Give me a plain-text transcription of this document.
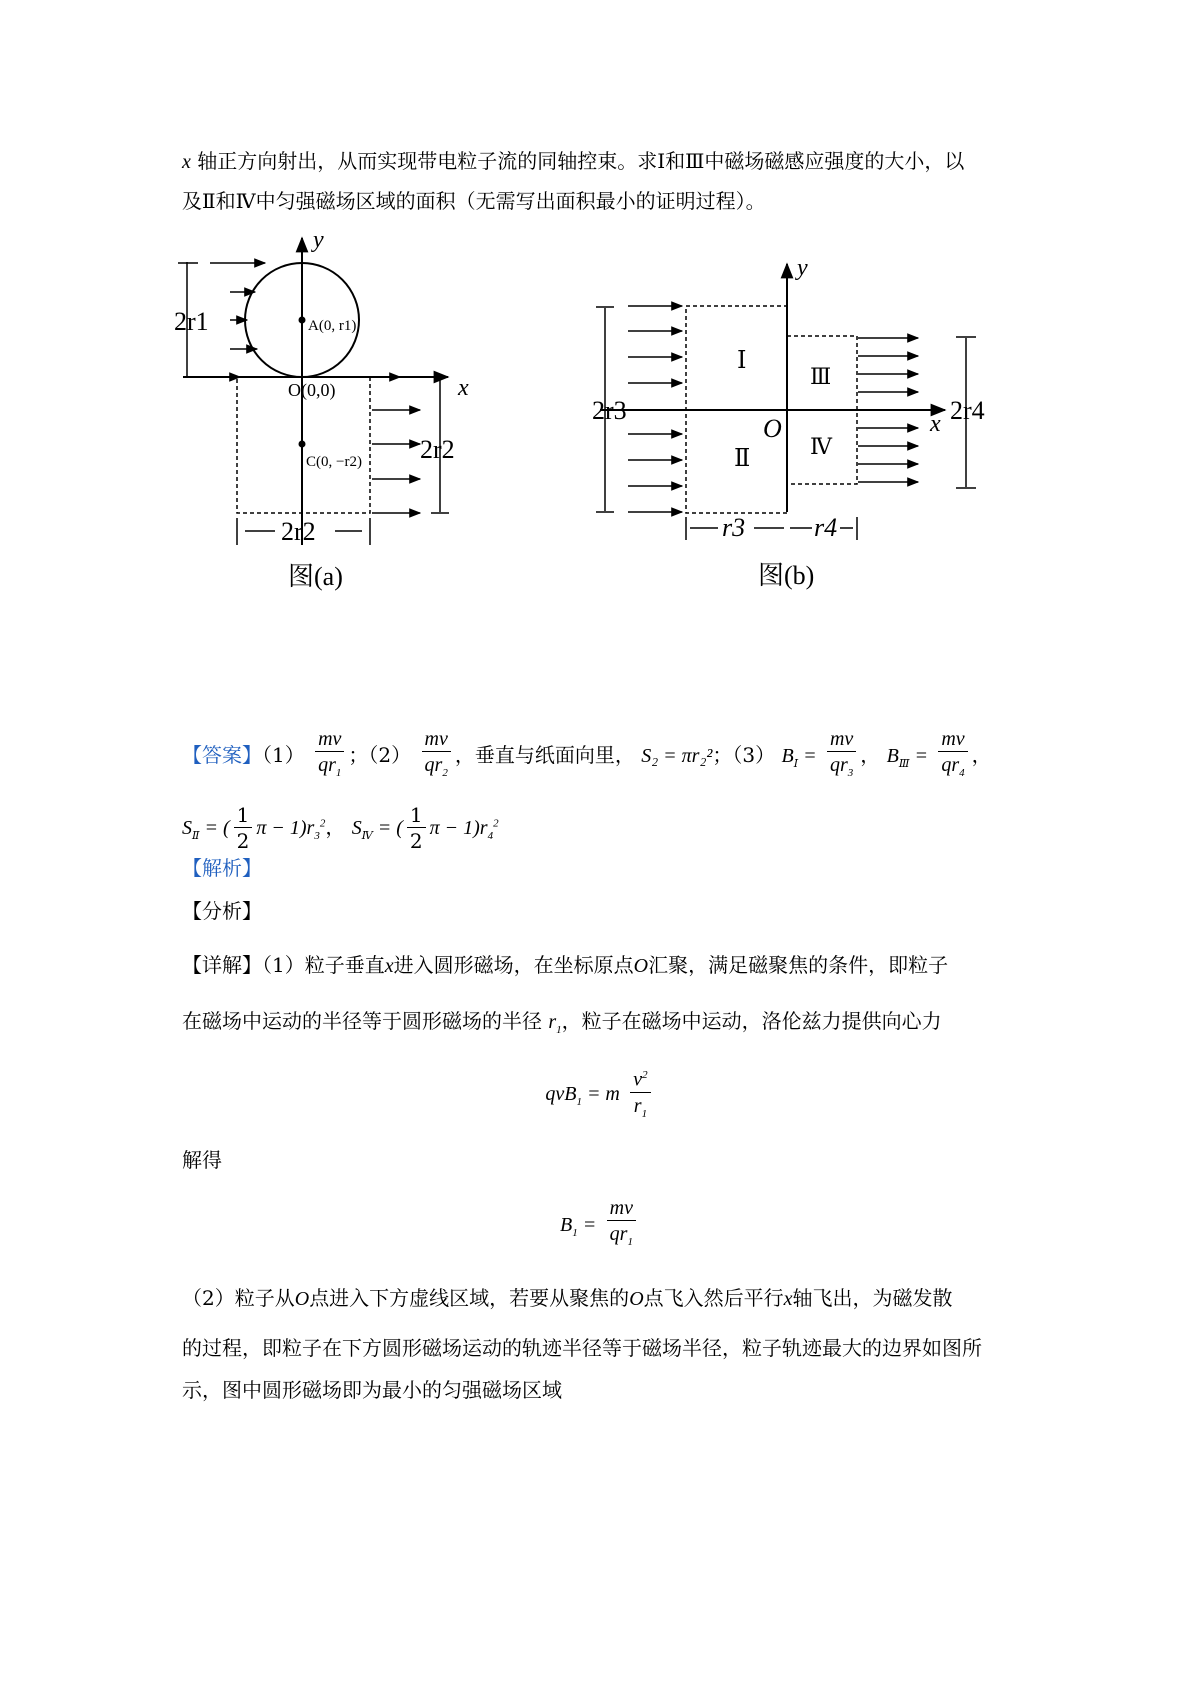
x 轴正方向射出，从而实现带电粒子流的同轴控束。求Ⅰ和Ⅲ中磁场磁感应强度的大小，以
及Ⅱ和Ⅳ中匀强磁场区域的面积（无需写出面积最小的证明过程）。
y
x
2r1
2r2
2r2
A(0, r1)
O(0,0)
C(0, −r2)
图(a)
y
x
2r3	2r4
r3	r4
Ⅰ
Ⅱ
Ⅲ
Ⅳ
O
图(b)
【答案】$(1) \frac{mv}{qr_1}$ ；$(2) \frac{mv}{qr_2}$ ，垂直与纸面向里， S₂ = πr₂²；（3） $B_Ⅰ = \frac{mv}{qr_3}$ ， $B_Ⅲ = \frac{mv}{qr_4}$ ，
$S_Ⅱ$ = ( $\frac{1}{2}$ $\pi - 1)r_3^2$， $S_Ⅳ$ = ( $\frac{1}{2}$ $\pi - 1)r_4^2$
【解析】
【分析】
【详解】（1）粒子垂直x进入圆形磁场，在坐标原点O汇聚，满足磁聚焦的条件，即粒子
在磁场中运动的半径等于圆形磁场的半径 $r_1$，粒子在磁场中运动，洛伦兹力提供向心力
qvB$_1$ = m $\frac{v^2}{r_1}$
解得
$B_1 = \frac{mv}{qr_1}$
（2）粒子从O点进入下方虚线区域，若要从聚焦的O点飞入然后平行x轴飞出，为磁发散
的过程，即粒子在下方圆形磁场运动的轨迹半径等于磁场半径，粒子轨迹最大的边界如图所
示，图中圆形磁场即为最小的匀强磁场区域
